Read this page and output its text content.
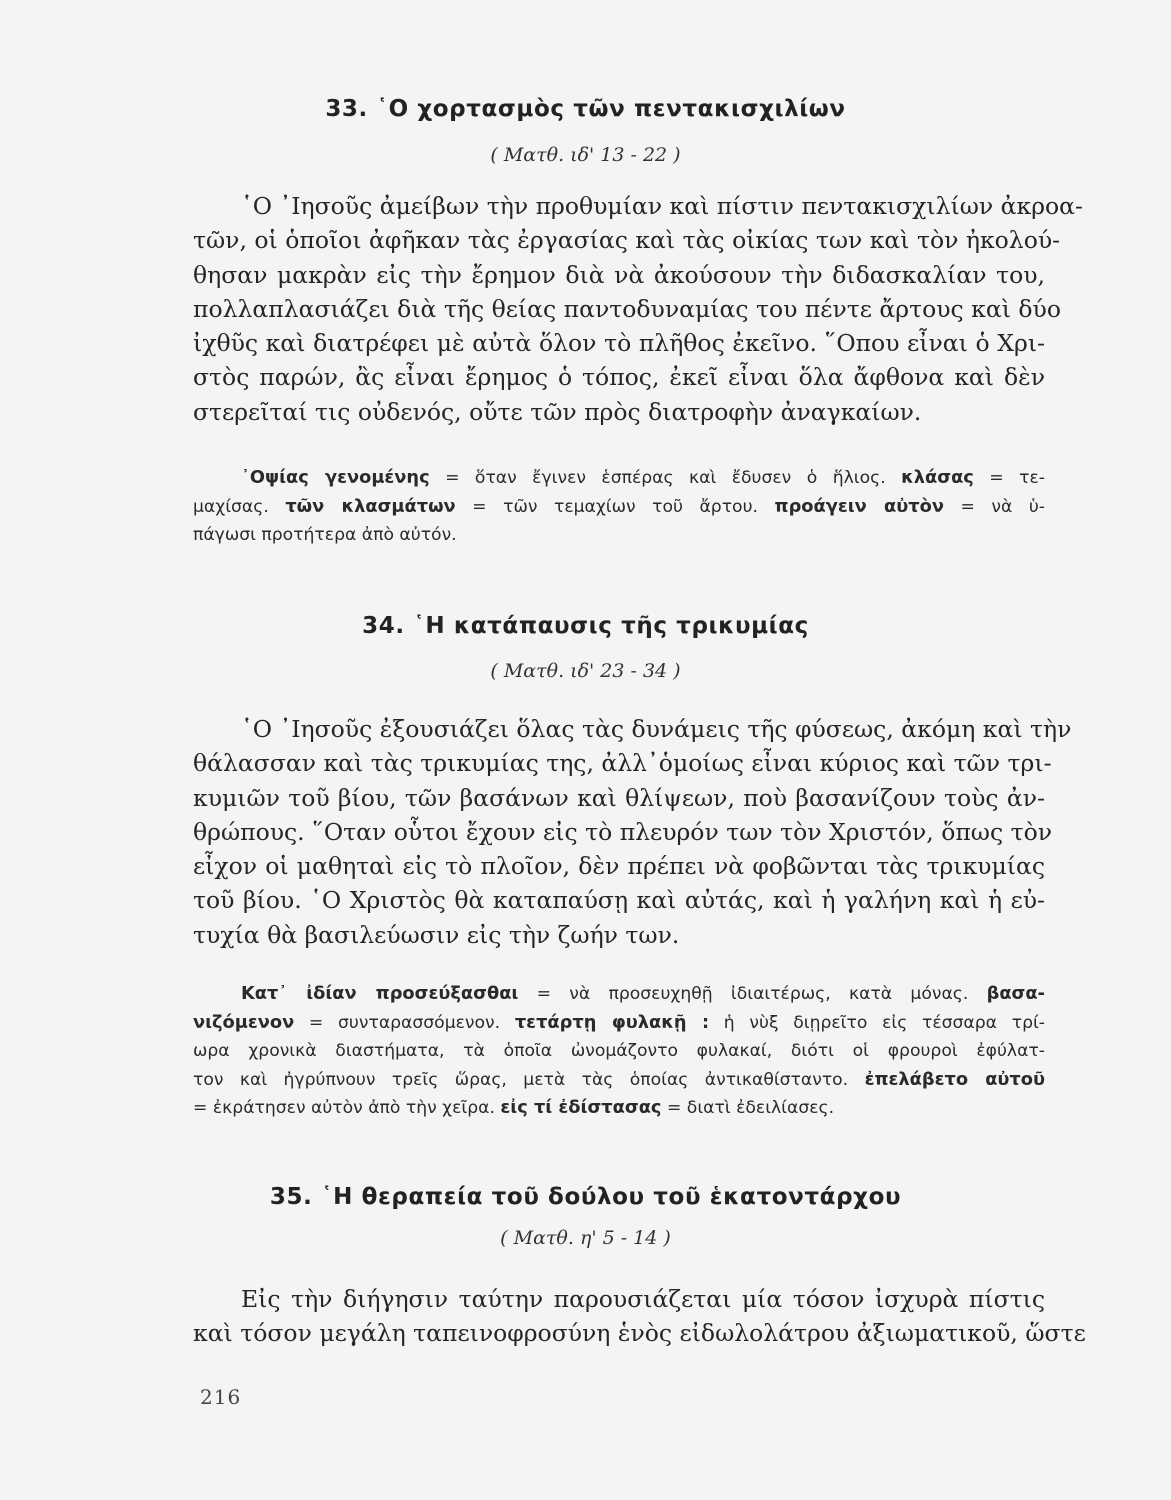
33. ῾Ο χορτασμὸς τῶν πεντακισχιλίων
( Ματθ. ιδ' 13 - 22 )
῾Ο ᾿Ιησοῦς ἀμείβων τὴν προθυμίαν καὶ πίστιν πεντακισχιλίων ἀκροα-
τῶν, οἱ ὁποῖοι ἀφῆκαν τὰς ἐργασίας καὶ τὰς οἰκίας των καὶ τὸν ἠκολού-
θησαν μακρὰν εἰς τὴν ἔρημον διὰ νὰ ἀκούσουν τὴν διδασκαλίαν του,
πολλαπλασιάζει διὰ τῆς θείας παντοδυναμίας του πέντε ἄρτους καὶ δύο
ἰχθῦς καὶ διατρέφει μὲ αὐτὰ ὅλον τὸ πλῆθος ἐκεῖνο. ῞Οπου εἶναι ὁ Χρι-
στὸς παρών, ἂς εἶναι ἔρημος ὁ τόπος, ἐκεῖ εἶναι ὅλα ἄφθονα καὶ δὲν
στερεῖταί τις οὐδενός, οὔτε τῶν πρὸς διατροφὴν ἀναγκαίων.
᾿Οψίας γενομένης = ὅταν ἔγινεν ἑσπέρας καὶ ἔδυσεν ὁ ἥλιος. κλάσας = τε-
μαχίσας. τῶν κλασμάτων = τῶν τεμαχίων τοῦ ἄρτου. προάγειν αὐτὸν = νὰ ὑ-
πάγωσι προτήτερα ἀπὸ αὐτόν.
34. ῾Η κατάπαυσις τῆς τρικυμίας
( Ματθ. ιδ' 23 - 34 )
῾Ο ᾿Ιησοῦς ἐξουσιάζει ὅλας τὰς δυνάμεις τῆς φύσεως, ἀκόμη καὶ τὴν
θάλασσαν καὶ τὰς τρικυμίας της, ἀλλ᾿ὁμοίως εἶναι κύριος καὶ τῶν τρι-
κυμιῶν τοῦ βίου, τῶν βασάνων καὶ θλίψεων, ποὺ βασανίζουν τοὺς ἀν-
θρώπους. ῞Οταν οὗτοι ἔχουν εἰς τὸ πλευρόν των τὸν Χριστόν, ὅπως τὸν
εἶχον οἱ μαθηταὶ εἰς τὸ πλοῖον, δὲν πρέπει νὰ φοβῶνται τὰς τρικυμίας
τοῦ βίου. ῾Ο Χριστὸς θὰ καταπαύσῃ καὶ αὐτάς, καὶ ἡ γαλήνη καὶ ἡ εὐ-
τυχία θὰ βασιλεύωσιν εἰς τὴν ζωήν των.
Κατ᾿ ἰδίαν προσεύξασθαι = νὰ προσευχηθῇ ἰδιαιτέρως, κατὰ μόνας. βασα-
νιζόμενον = συνταρασσόμενον. τετάρτῃ φυλακῇ : ἡ νὺξ διῃρεῖτο εἰς τέσσαρα τρί-
ωρα χρονικὰ διαστήματα, τὰ ὁποῖα ὠνομάζοντο φυλακαί, διότι οἱ φρουροὶ ἐφύλατ-
τον καὶ ἠγρύπνουν τρεῖς ὥρας, μετὰ τὰς ὁποίας ἀντικαθίσταντο. ἐπελάβετο αὐτοῦ
= ἐκράτησεν αὐτὸν ἀπὸ τὴν χεῖρα. εἰς τί ἐδίστασας = διατὶ ἐδειλίασες.
35. ῾Η θεραπεία τοῦ δούλου τοῦ ἑκατοντάρχου
( Ματθ. η' 5 - 14 )
Εἰς τὴν διήγησιν ταύτην παρουσιάζεται μία τόσον ἰσχυρὰ πίστις
καὶ τόσον μεγάλη ταπεινοφροσύνη ἑνὸς εἰδωλολάτρου ἀξιωματικοῦ, ὥστε
216
